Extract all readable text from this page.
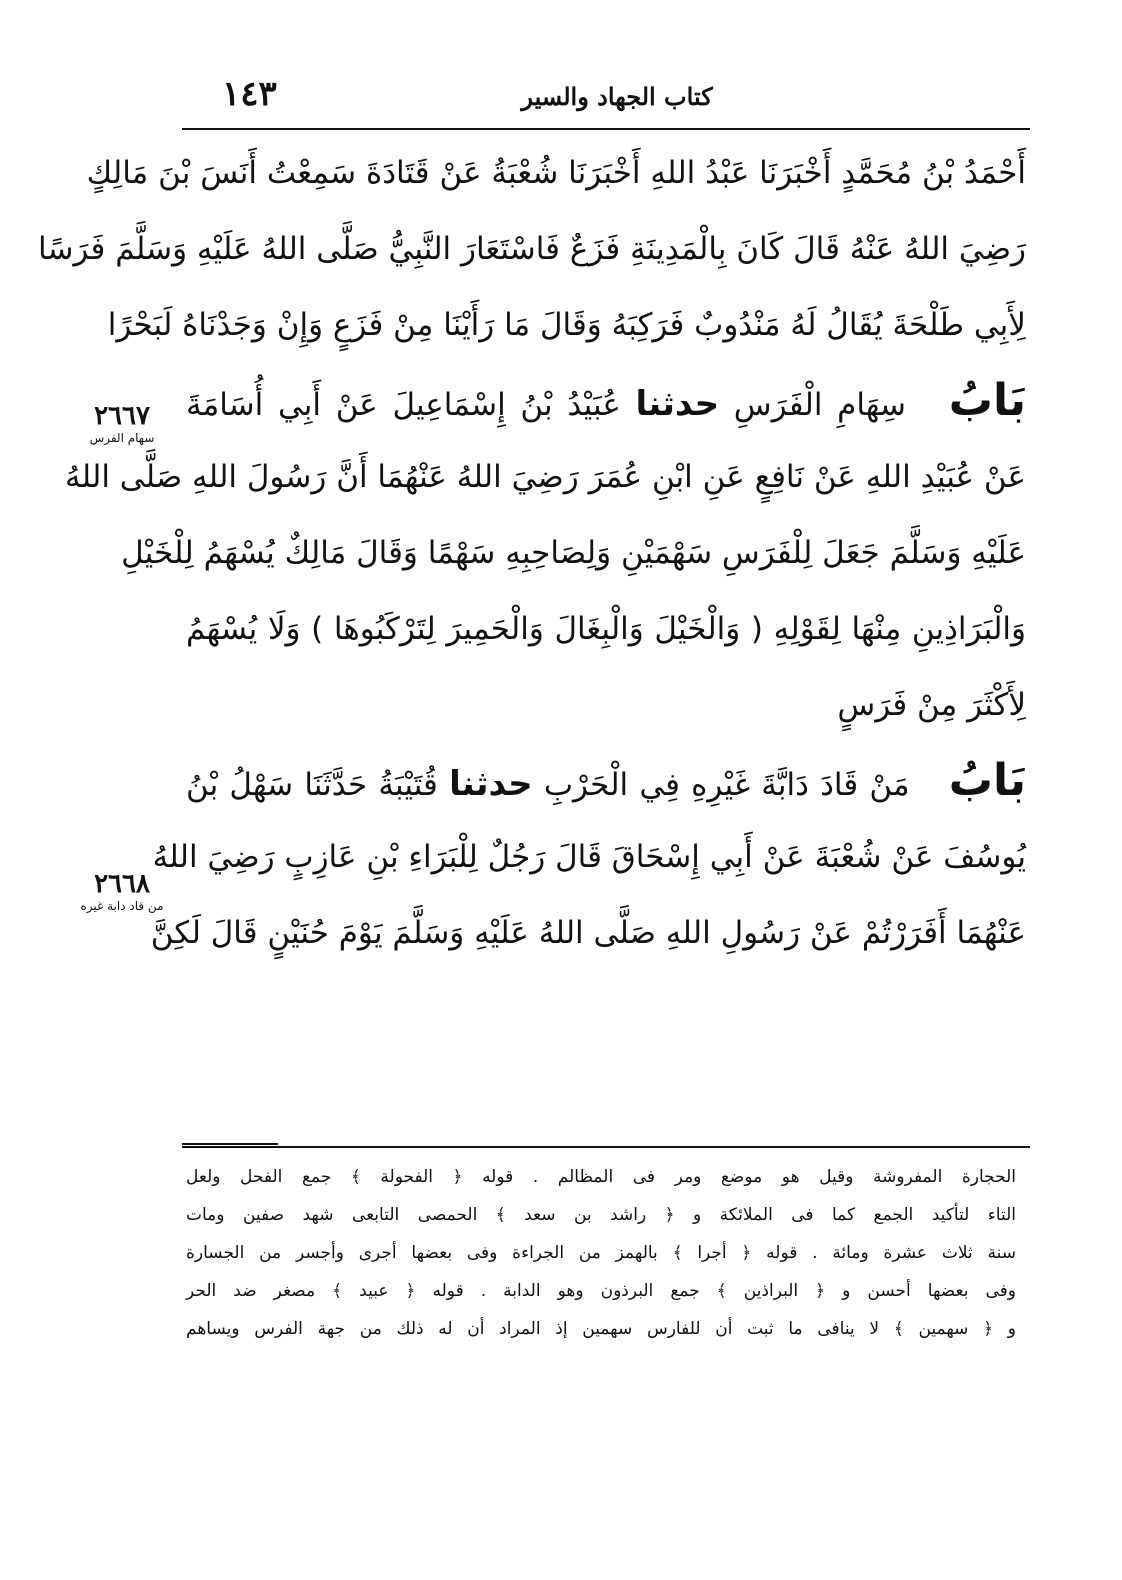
١٤٣	كتاب الجهاد والسير
أَحْمَدُ بْنُ مُحَمَّدٍ أَخْبَرَنَا عَبْدُ اللهِ أَخْبَرَنَا شُعْبَةُ عَنْ قَتَادَةَ سَمِعْتُ أَنَسَ بْنَ مَالِكٍ
رَضِيَ اللهُ عَنْهُ قَالَ كَانَ بِالْمَدِينَةِ فَزَعٌ فَاسْتَعَارَ النَّبِيُّ صَلَّى اللهُ عَلَيْهِ وَسَلَّمَ فَرَسًا
لِأَبِي طَلْحَةَ يُقَالُ لَهُ مَنْدُوبٌ فَرَكِبَهُ وَقَالَ مَا رَأَيْنَا مِنْ فَزَعٍ وَإِنْ وَجَدْنَاهُ لَبَحْرًا
بَابُ سِهَامِ الْفَرَسِ حدثنا عُبَيْدُ بْنُ إِسْمَاعِيلَ عَنْ أَبِي أُسَامَةَ
عَنْ عُبَيْدِ اللهِ عَنْ نَافِعٍ عَنِ ابْنِ عُمَرَ رَضِيَ اللهُ عَنْهُمَا أَنَّ رَسُولَ اللهِ صَلَّى اللهُ
عَلَيْهِ وَسَلَّمَ جَعَلَ لِلْفَرَسِ سَهْمَيْنِ وَلِصَاحِبِهِ سَهْمًا وَقَالَ مَالِكٌ يُسْهَمُ لِلْخَيْلِ
وَالْبَرَاذِينِ مِنْهَا لِقَوْلِهِ ( وَالْخَيْلَ وَالْبِغَالَ وَالْحَمِيرَ لِتَرْكَبُوهَا ) وَلَا يُسْهَمُ
لِأَكْثَرَ مِنْ فَرَسٍ
بَابُ مَنْ قَادَ دَابَّةَ غَيْرِهِ فِي الْحَرْبِ حدثنا قُتَيْبَةُ حَدَّثَنَا سَهْلُ بْنُ
يُوسُفَ عَنْ شُعْبَةَ عَنْ أَبِي إِسْحَاقَ قَالَ رَجُلٌ لِلْبَرَاءِ بْنِ عَازِبٍ رَضِيَ اللهُ
عَنْهُمَا أَفَرَرْتُمْ عَنْ رَسُولِ اللهِ صَلَّى اللهُ عَلَيْهِ وَسَلَّمَ يَوْمَ حُنَيْنٍ قَالَ لَكِنَّ
٢٦٦٧
سهام الفرس
٢٦٦٨
من قاد دابة غيره
الحجارة المفروشة وقيل هو موضع ومر فى المظالم . قوله ﴿ الفحولة ﴾ جمع الفحل ولعل
التاء لتأكيد الجمع كما فى الملائكة و ﴿ راشد بن سعد ﴾ الحمصى التابعى شهد صفين ومات
سنة ثلاث عشرة ومائة . قوله ﴿ أجرا ﴾ بالهمز من الجراءة وفى بعضها أجرى وأجسر من الجسارة
وفى بعضها أحسن و ﴿ البراذين ﴾ جمع البرذون وهو الدابة . قوله ﴿ عبيد ﴾ مصغر ضد الحر
و ﴿ سهمين ﴾ لا ينافى ما ثبت أن للفارس سهمين إذ المراد أن له ذلك من جهة الفرس ويساهم
